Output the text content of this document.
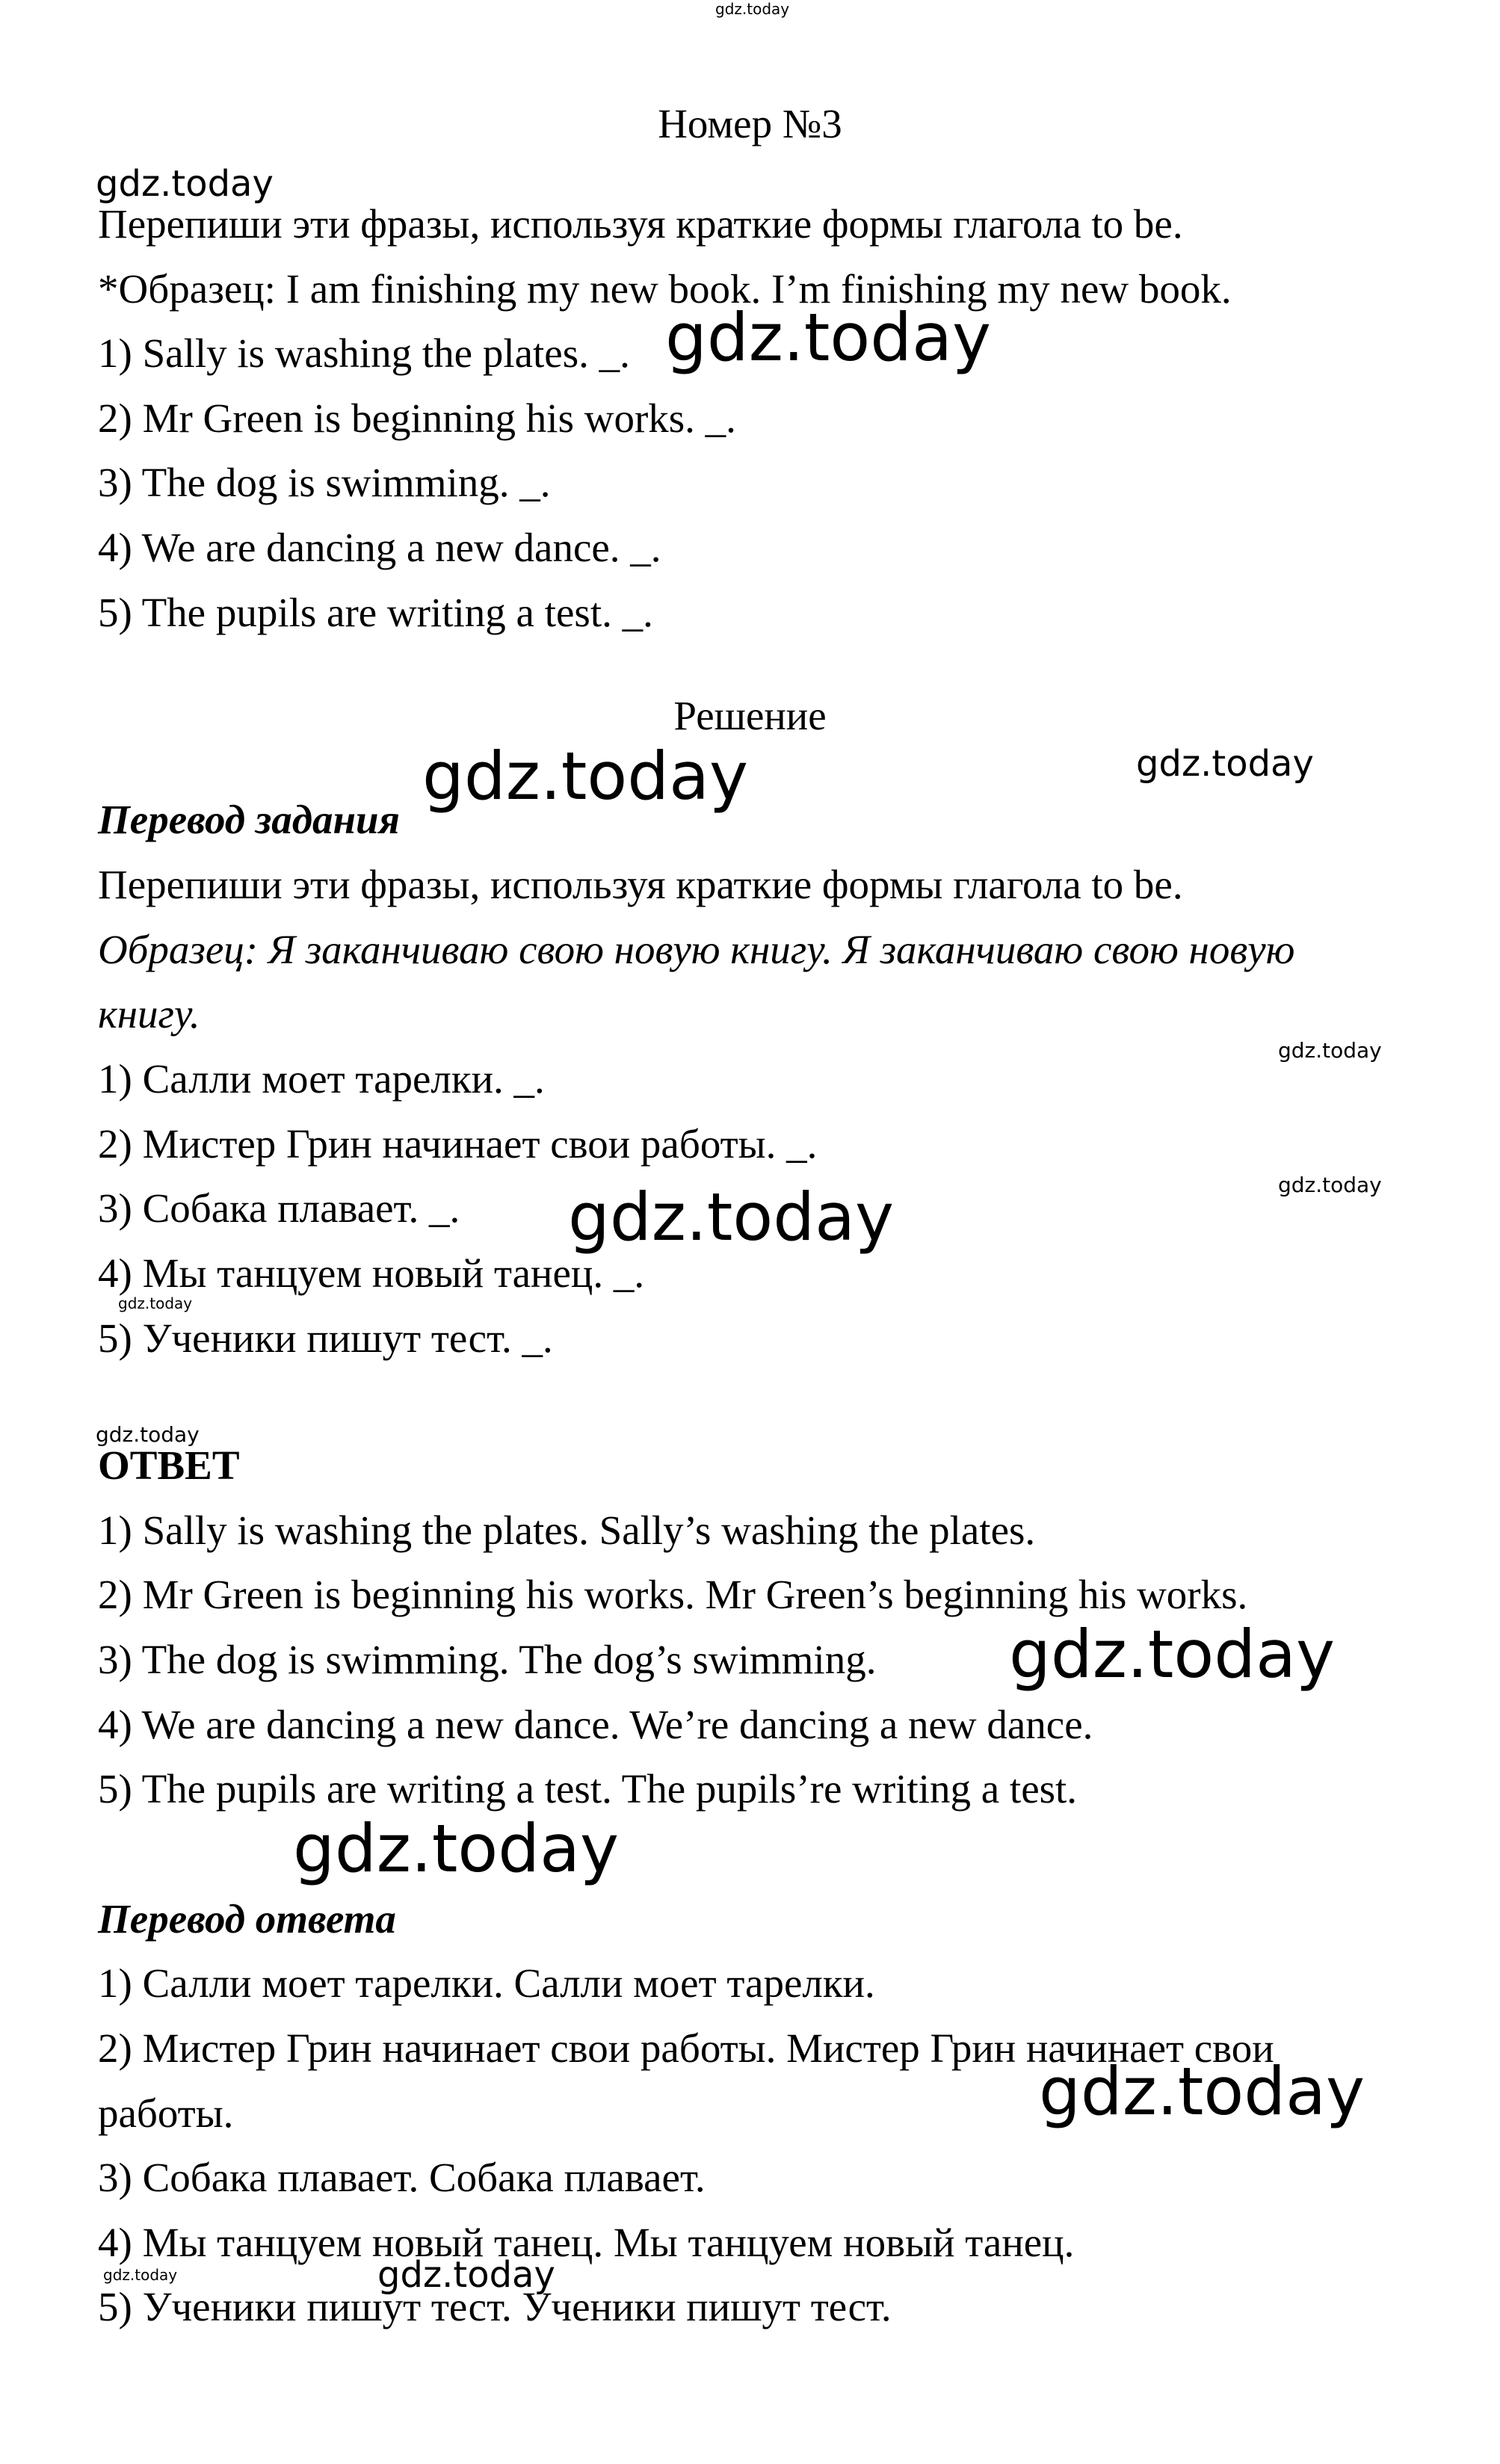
Номер №3
Перепиши эти фразы, используя краткие формы глагола to be.
*Образец: I am finishing my new book. I’m finishing my new book.
1) Sally is washing the plates. _.
2) Mr Green is beginning his works. _.
3) The dog is swimming. _.
4) We are dancing a new dance. _.
5) The pupils are writing a test. _.
Решение
Перевод задания
Перепиши эти фразы, используя краткие формы глагола to be.
Образец: Я заканчиваю свою новую книгу. Я заканчиваю свою новую
книгу.
1) Салли моет тарелки. _.
2) Мистер Грин начинает свои работы. _.
3) Собака плавает. _.
4) Мы танцуем новый танец. _.
5) Ученики пишут тест. _.
ОТВЕТ
1) Sally is washing the plates. Sally’s washing the plates.
2) Mr Green is beginning his works. Mr Green’s beginning his works.
3) The dog is swimming. The dog’s swimming.
4) We are dancing a new dance. We’re dancing a new dance.
5) The pupils are writing a test. The pupils’re writing a test.
Перевод ответа
1) Салли моет тарелки. Салли моет тарелки.
2) Мистер Грин начинает свои работы. Мистер Грин начинает свои
работы.
3) Собака плавает. Собака плавает.
4) Мы танцуем новый танец. Мы танцуем новый танец.
5) Ученики пишут тест. Ученики пишут тест.
gdz.today
gdz.today
gdz.today
gdz.today	gdz.today
gdz.today
gdz.today
gdz.today
gdz.today
gdz.today
gdz.today
gdz.today
gdz.today
gdz.today	gdz.today
